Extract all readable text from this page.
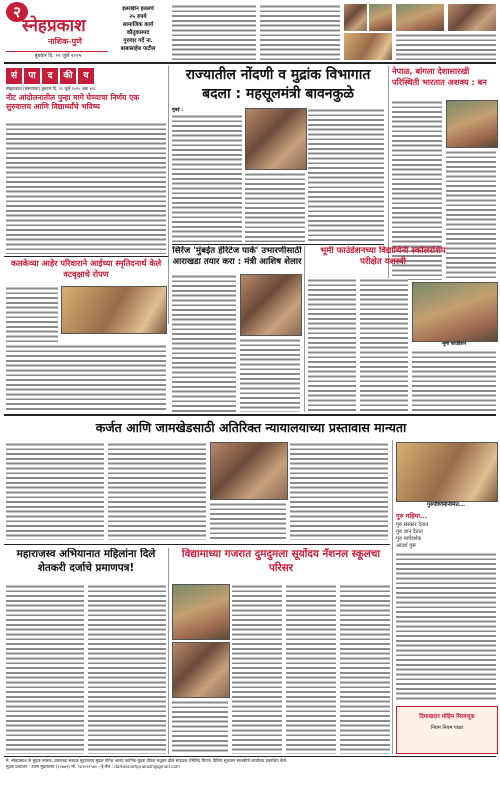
२
स्नेहप्रकाश
नाशिक-पुणे
बुधवार दि. २२ जुलै २०२५
इलरखीन हललचे
२५ रुपये
सामाजिक कार्य
कौतुकास्पद
गुरुवार गर्दे ना.
बाबासाहेब पाटील
सं	पा	द	की	य
स्नेहप्रकाश (संस्थापक) बुधवार दि. २२ जुलै २०२५ अंक ४१८
नीट आंदोलनातील पुन्हा मागे घेण्याचा निर्णय एक सुरुवातच आणि विद्यार्थ्यांचे भविष्य
राज्यातील नोंदणी व मुद्रांक विभागात बदला : महसूलमंत्री बावनकुळे
मुंबई :
नेपाळ, बांगला देशासारखी परिस्थिती भारतात अशक्य : बन
कलकेव्या आहेर परिवाराने आईच्या स्मृतिदनार्थ केले वटवृक्षाचे रोपण
सिरेंज 'मुंबईत हेरिटेज पार्क' उभारणीसाठी आराखडा तयार करा : मंत्री आशिष शेलार
भूमी फाउंडेशनच्या विद्यार्थिनी स्कॉलरशिप परीक्षेत यशस्वी
भूमी फाउंडेशन
कर्जत आणि जामखेडसाठी अतिरिक्त न्यायालयाच्या प्रस्तावास मान्यता
गुरुपौर्णिमेनिमित्त...
गुरु महिमा...
गुरु संस्कार देतात
गुरु ज्ञान देतात
गुरु मार्गदर्शक
आदर्श गुरू
दिमाखदार मोहिम मिरवणूक
नियम नियम पाळा
महाराजस्व अभियानात महिलांना दिले शेतकरी दर्जाचे प्रमाणपत्र!
विद्यामाध्या गजरात दुमदुमला सूर्योदय नॅशनल स्कूलचा परिसर
मे. स्नेहप्रकाश के मुद्रक मालक, प्रकाशक सकाळ मुद्रणालय मुद्रक योगेश आनंद कानिफ मुद्रक दीपक मधुकर ढोले संपादक (मिलिंद चिंतन) दिलिप सुधाकर मालकीचे कार्यालय प्रकाशित केले.
मुद्रक प्रकाशन - उत्तम मुद्रणालय (१२७७९) मो. ९४२०२१५४० - ई-मेल : damkisnehprakash@gmail.com
